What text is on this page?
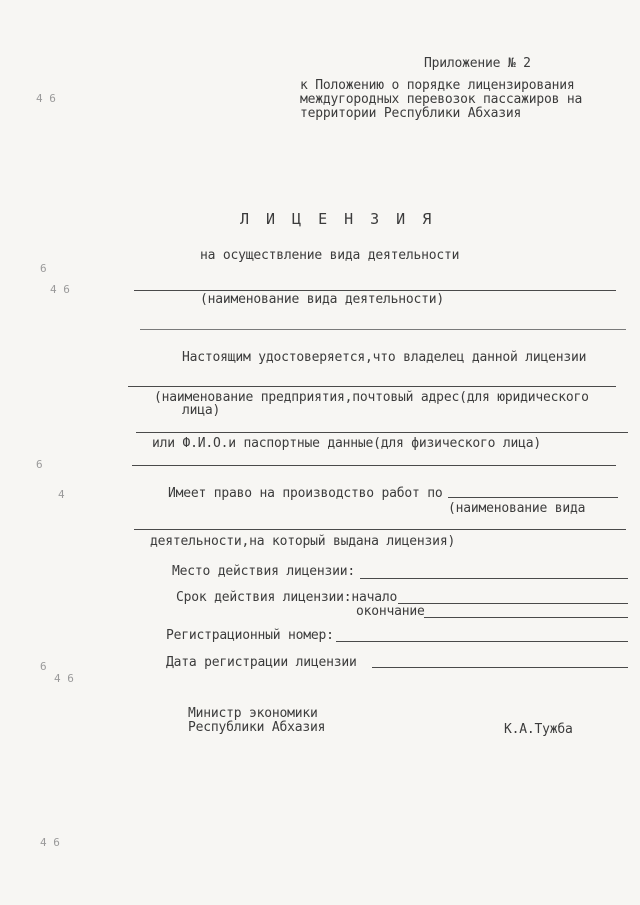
4 6
6
4 6
6
4
6
4 6
4 6
Приложение № 2
к Положению о порядке лицензирования
междугородных перевозок пассажиров на
территории Республики Абхазия
ЛИЦЕНЗИЯ
на осуществление вида деятельности
(наименование вида деятельности)
Настоящим удостоверяется,что владелец данной лицензии
(наименование предприятия,почтовый адрес(для юридического
лица)
или Ф.И.О.и паспортные данные(для физического лица)
Имеет право на производство работ по
(наименование вида
деятельности,на который выдана лицензия)
Место действия лицензии:
Срок действия лицензии:начало
окончание
Регистрационный номер:
Дата регистрации лицензии
Министр экономики
Республики Абхазия	К.А.Тужба
